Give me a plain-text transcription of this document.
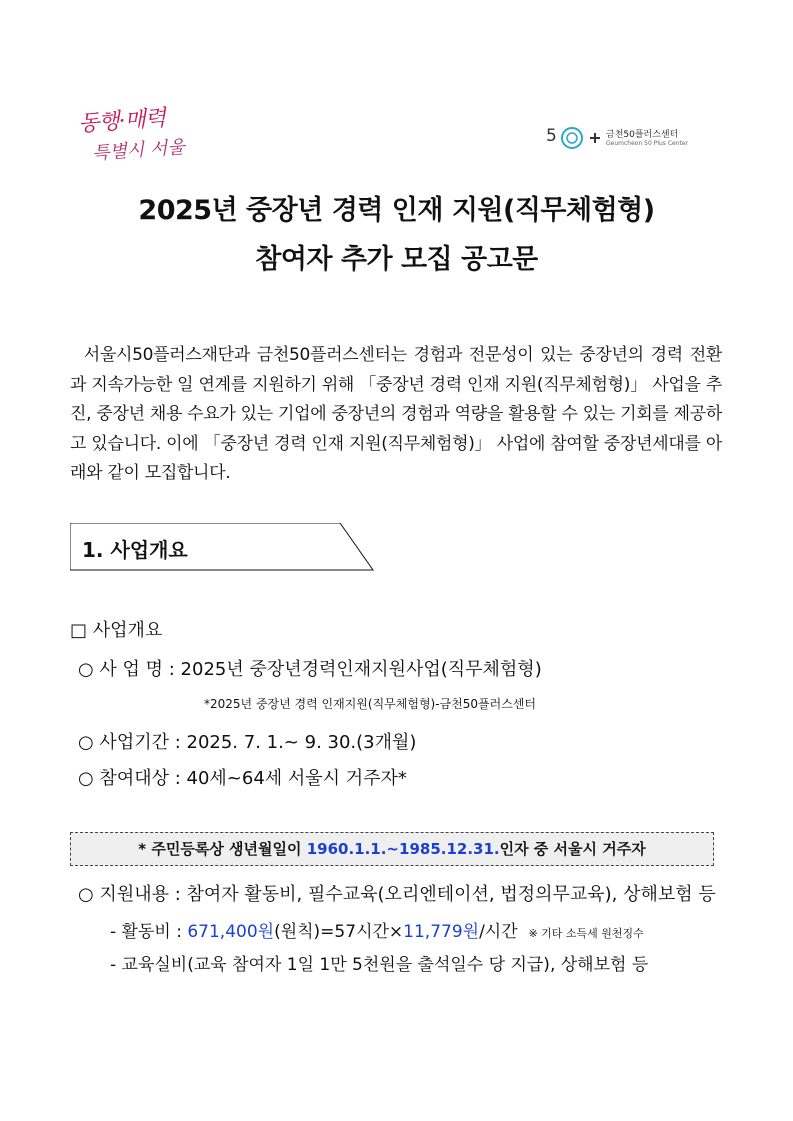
동행·매력
특별시 서울
5	금천50플러스센터
Geumcheon 50 Plus Center
2025년 중장년 경력 인재 지원(직무체험형)
참여자 추가 모집 공고문

서울시50플러스재단과 금천50플러스센터는 경험과 전문성이 있는 중장년의 경력 전환과 지속가능한 일 연계를 지원하기 위해 「중장년 경력 인재 지원(직무체험형)」 사업을 추진, 중장년 채용 수요가 있는 기업에 중장년의 경험과 역량을 활용할 수 있는 기회를 제공하고 있습니다. 이에 「중장년 경력 인재 지원(직무체험형)」 사업에 참여할 중장년세대를 아래와 같이 모집합니다.

1. 사업개요
□ 사업개요
○ 사 업 명 : 2025년 중장년경력인재지원사업(직무체험형)
*2025년 중장년 경력 인재지원(직무체험형)-금천50플러스센터
○ 사업기간 : 2025. 7. 1.~ 9. 30.(3개월)
○ 참여대상 : 40세~64세 서울시 거주자*
* 주민등록상 생년월일이 1960.1.1.~1985.12.31.인자 중 서울시 거주자
○ 지원내용 : 참여자 활동비, 필수교육(오리엔테이션, 법정의무교육), 상해보험 등
- 활동비 : 671,400원(원칙)=57시간×11,779원/시간 ※ 기타 소득세 원천징수
- 교육실비(교육 참여자 1일 1만 5천원을 출석일수 당 지급), 상해보험 등
